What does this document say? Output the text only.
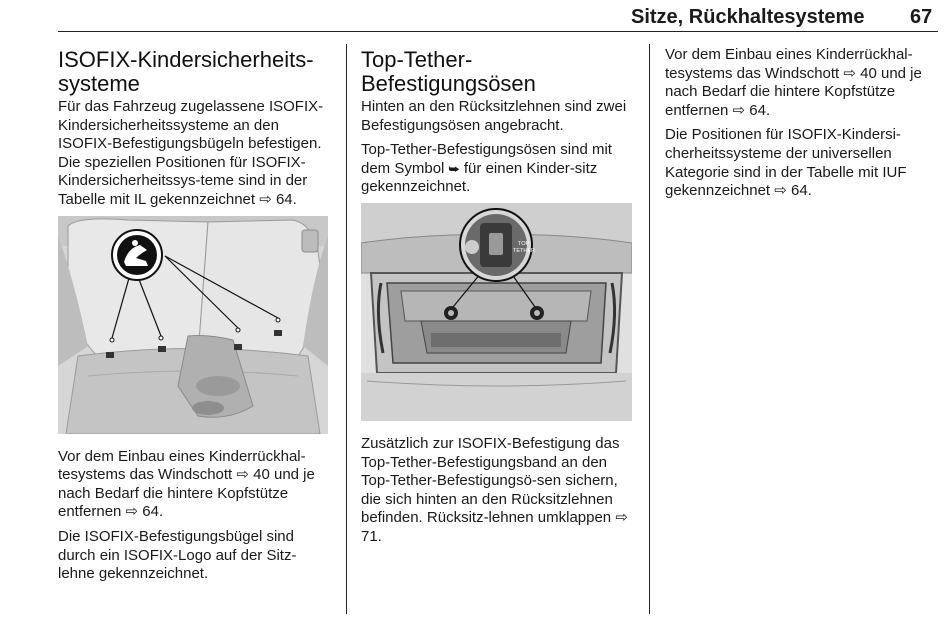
Sitze, Rückhaltesysteme 67
ISOFIX-Kindersicherheits-
systeme

Für das Fahrzeug zugelassene ISOFIX-Kindersicherheitssysteme an den ISOFIX-Befestigungsbügeln befestigen. Die speziellen Positionen für ISOFIX-Kindersicherheitssys-teme sind in der Tabelle mit IL gekennzeichnet ⇨ 64.

Vor dem Einbau eines Kinderrückhal-tesystems das Windschott ⇨ 40 und je nach Bedarf die hintere Kopfstütze entfernen ⇨ 64.

Die ISOFIX-Befestigungsbügel sind durch ein ISOFIX-Logo auf der Sitz-lehne gekennzeichnet.

Top-Tether-
Befestigungsösen

Hinten an den Rücksitzlehnen sind zwei Befestigungsösen angebracht.

Top-Tether-Befestigungsösen sind mit dem Symbol ⮩ für einen Kinder-sitz gekennzeichnet.

TOP
TETHER

Zusätzlich zur ISOFIX-Befestigung das Top-Tether-Befestigungsband an den Top-Tether-Befestigungsö-sen sichern, die sich hinten an den Rücksitzlehnen befinden. Rücksitz-lehnen umklappen ⇨ 71.

Vor dem Einbau eines Kinderrückhal-tesystems das Windschott ⇨ 40 und je nach Bedarf die hintere Kopfstütze entfernen ⇨ 64.

Die Positionen für ISOFIX-Kindersi-cherheitssysteme der universellen Kategorie sind in der Tabelle mit IUF gekennzeichnet ⇨ 64.
